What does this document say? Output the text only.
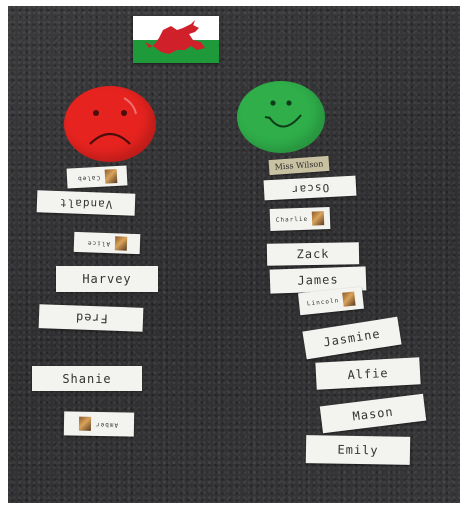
Caleb
Vandalt
Alice
Harvey
Fred
Shanie
Amber
Miss Wilson
Oscar
Charlie
Zack
James
Lincoln
Jasmine
Alfie
Mason
Emily
